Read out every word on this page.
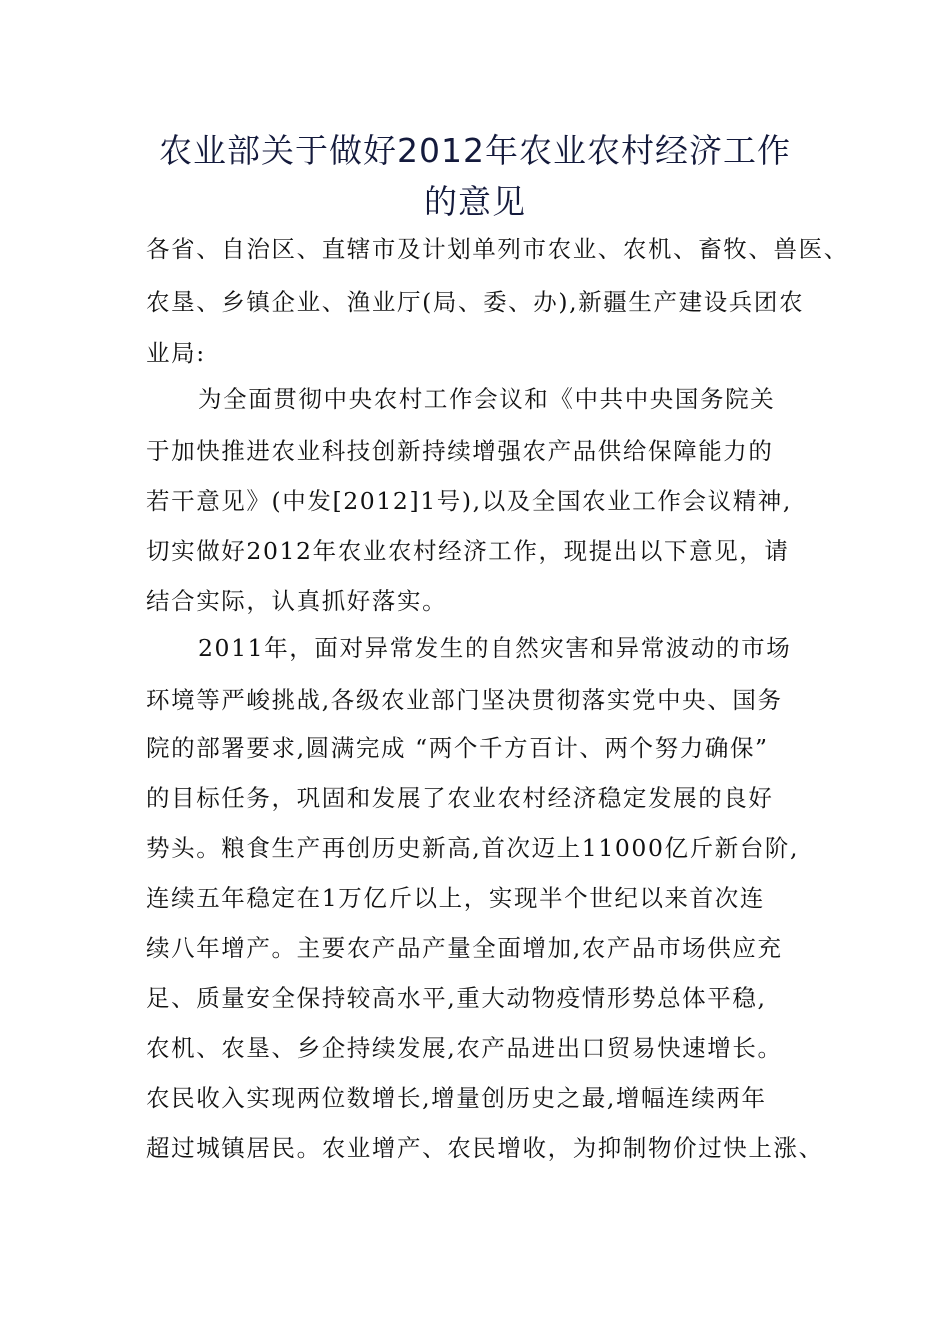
农业部关于做好2012年农业农村经济工作
的意见
各省、自治区、直辖市及计划单列市农业、农机、畜牧、兽医、
农垦、乡镇企业、渔业厅(局、委、办),新疆生产建设兵团农
业局:
为全面贯彻中央农村工作会议和《中共中央国务院关
于加快推进农业科技创新持续增强农产品供给保障能力的
若干意见》(中发[2012]1号),以及全国农业工作会议精神,
切实做好2012年农业农村经济工作，现提出以下意见，请
结合实际，认真抓好落实。
2011年，面对异常发生的自然灾害和异常波动的市场
环境等严峻挑战,各级农业部门坚决贯彻落实党中央、国务
院的部署要求,圆满完成 “两个千方百计、两个努力确保”
的目标任务，巩固和发展了农业农村经济稳定发展的良好
势头。粮食生产再创历史新高,首次迈上11000亿斤新台阶,
连续五年稳定在1万亿斤以上，实现半个世纪以来首次连
续八年增产。主要农产品产量全面增加,农产品市场供应充
足、质量安全保持较高水平,重大动物疫情形势总体平稳,
农机、农垦、乡企持续发展,农产品进出口贸易快速增长。
农民收入实现两位数增长,增量创历史之最,增幅连续两年
超过城镇居民。农业增产、农民增收，为抑制物价过快上涨、
